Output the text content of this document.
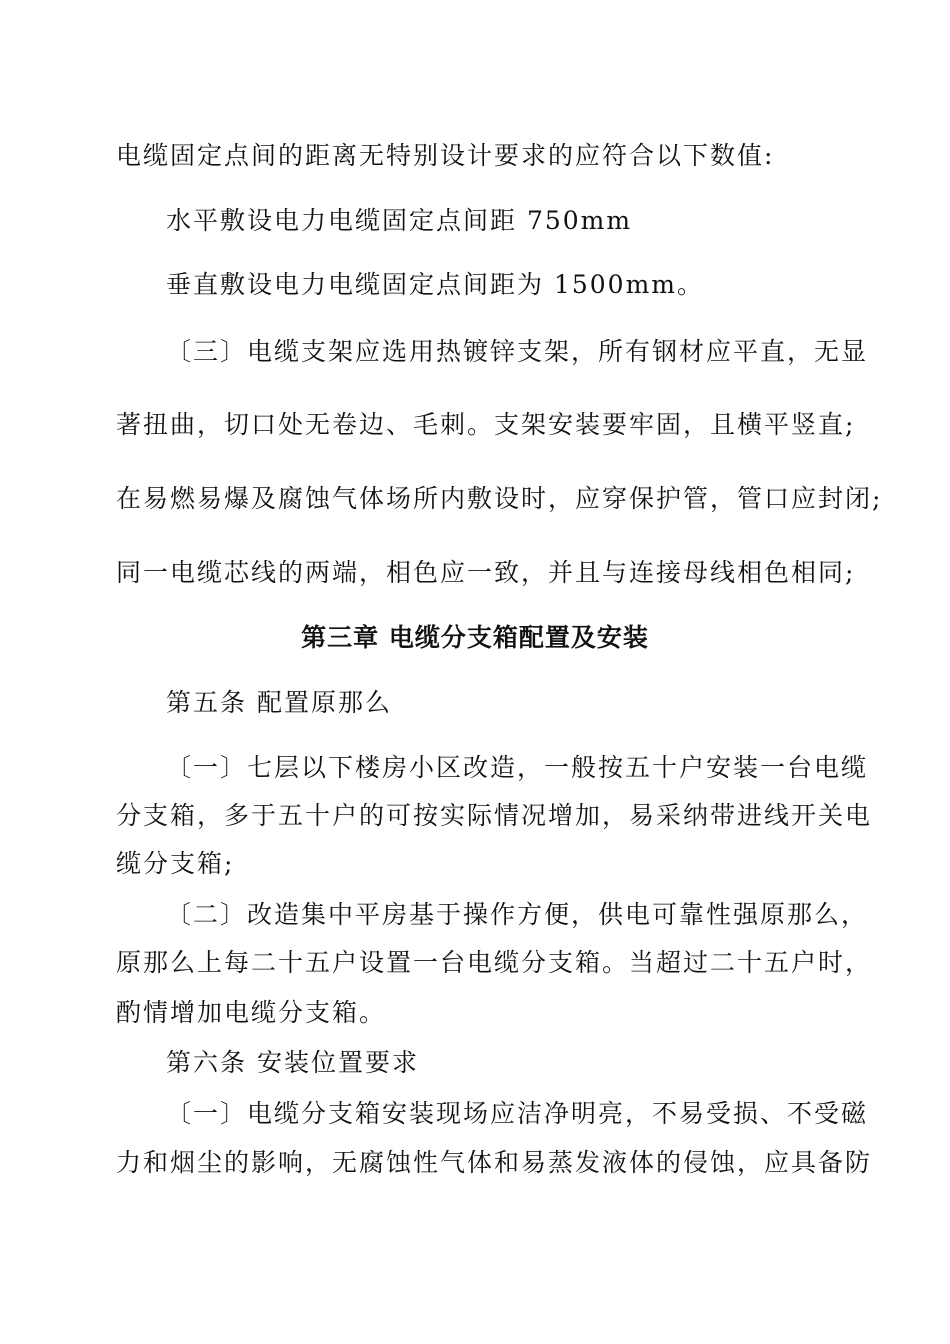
电缆固定点间的距离无特别设计要求的应符合以下数值:
水平敷设电力电缆固定点间距 750mm
垂直敷设电力电缆固定点间距为 1500mm。
〔三〕电缆支架应选用热镀锌支架，所有钢材应平直，无显
著扭曲，切口处无卷边、毛刺。支架安装要牢固，且横平竖直;
在易燃易爆及腐蚀气体场所内敷设时，应穿保护管，管口应封闭;
同一电缆芯线的两端，相色应一致，并且与连接母线相色相同;
第三章 电缆分支箱配置及安装
第五条 配置原那么
〔一〕七层以下楼房小区改造，一般按五十户安装一台电缆
分支箱，多于五十户的可按实际情况增加，易采纳带进线开关电
缆分支箱;
〔二〕改造集中平房基于操作方便，供电可靠性强原那么，
原那么上每二十五户设置一台电缆分支箱。当超过二十五户时，
酌情增加电缆分支箱。
第六条 安装位置要求
〔一〕电缆分支箱安装现场应洁净明亮，不易受损、不受磁
力和烟尘的影响，无腐蚀性气体和易蒸发液体的侵蚀，应具备防
